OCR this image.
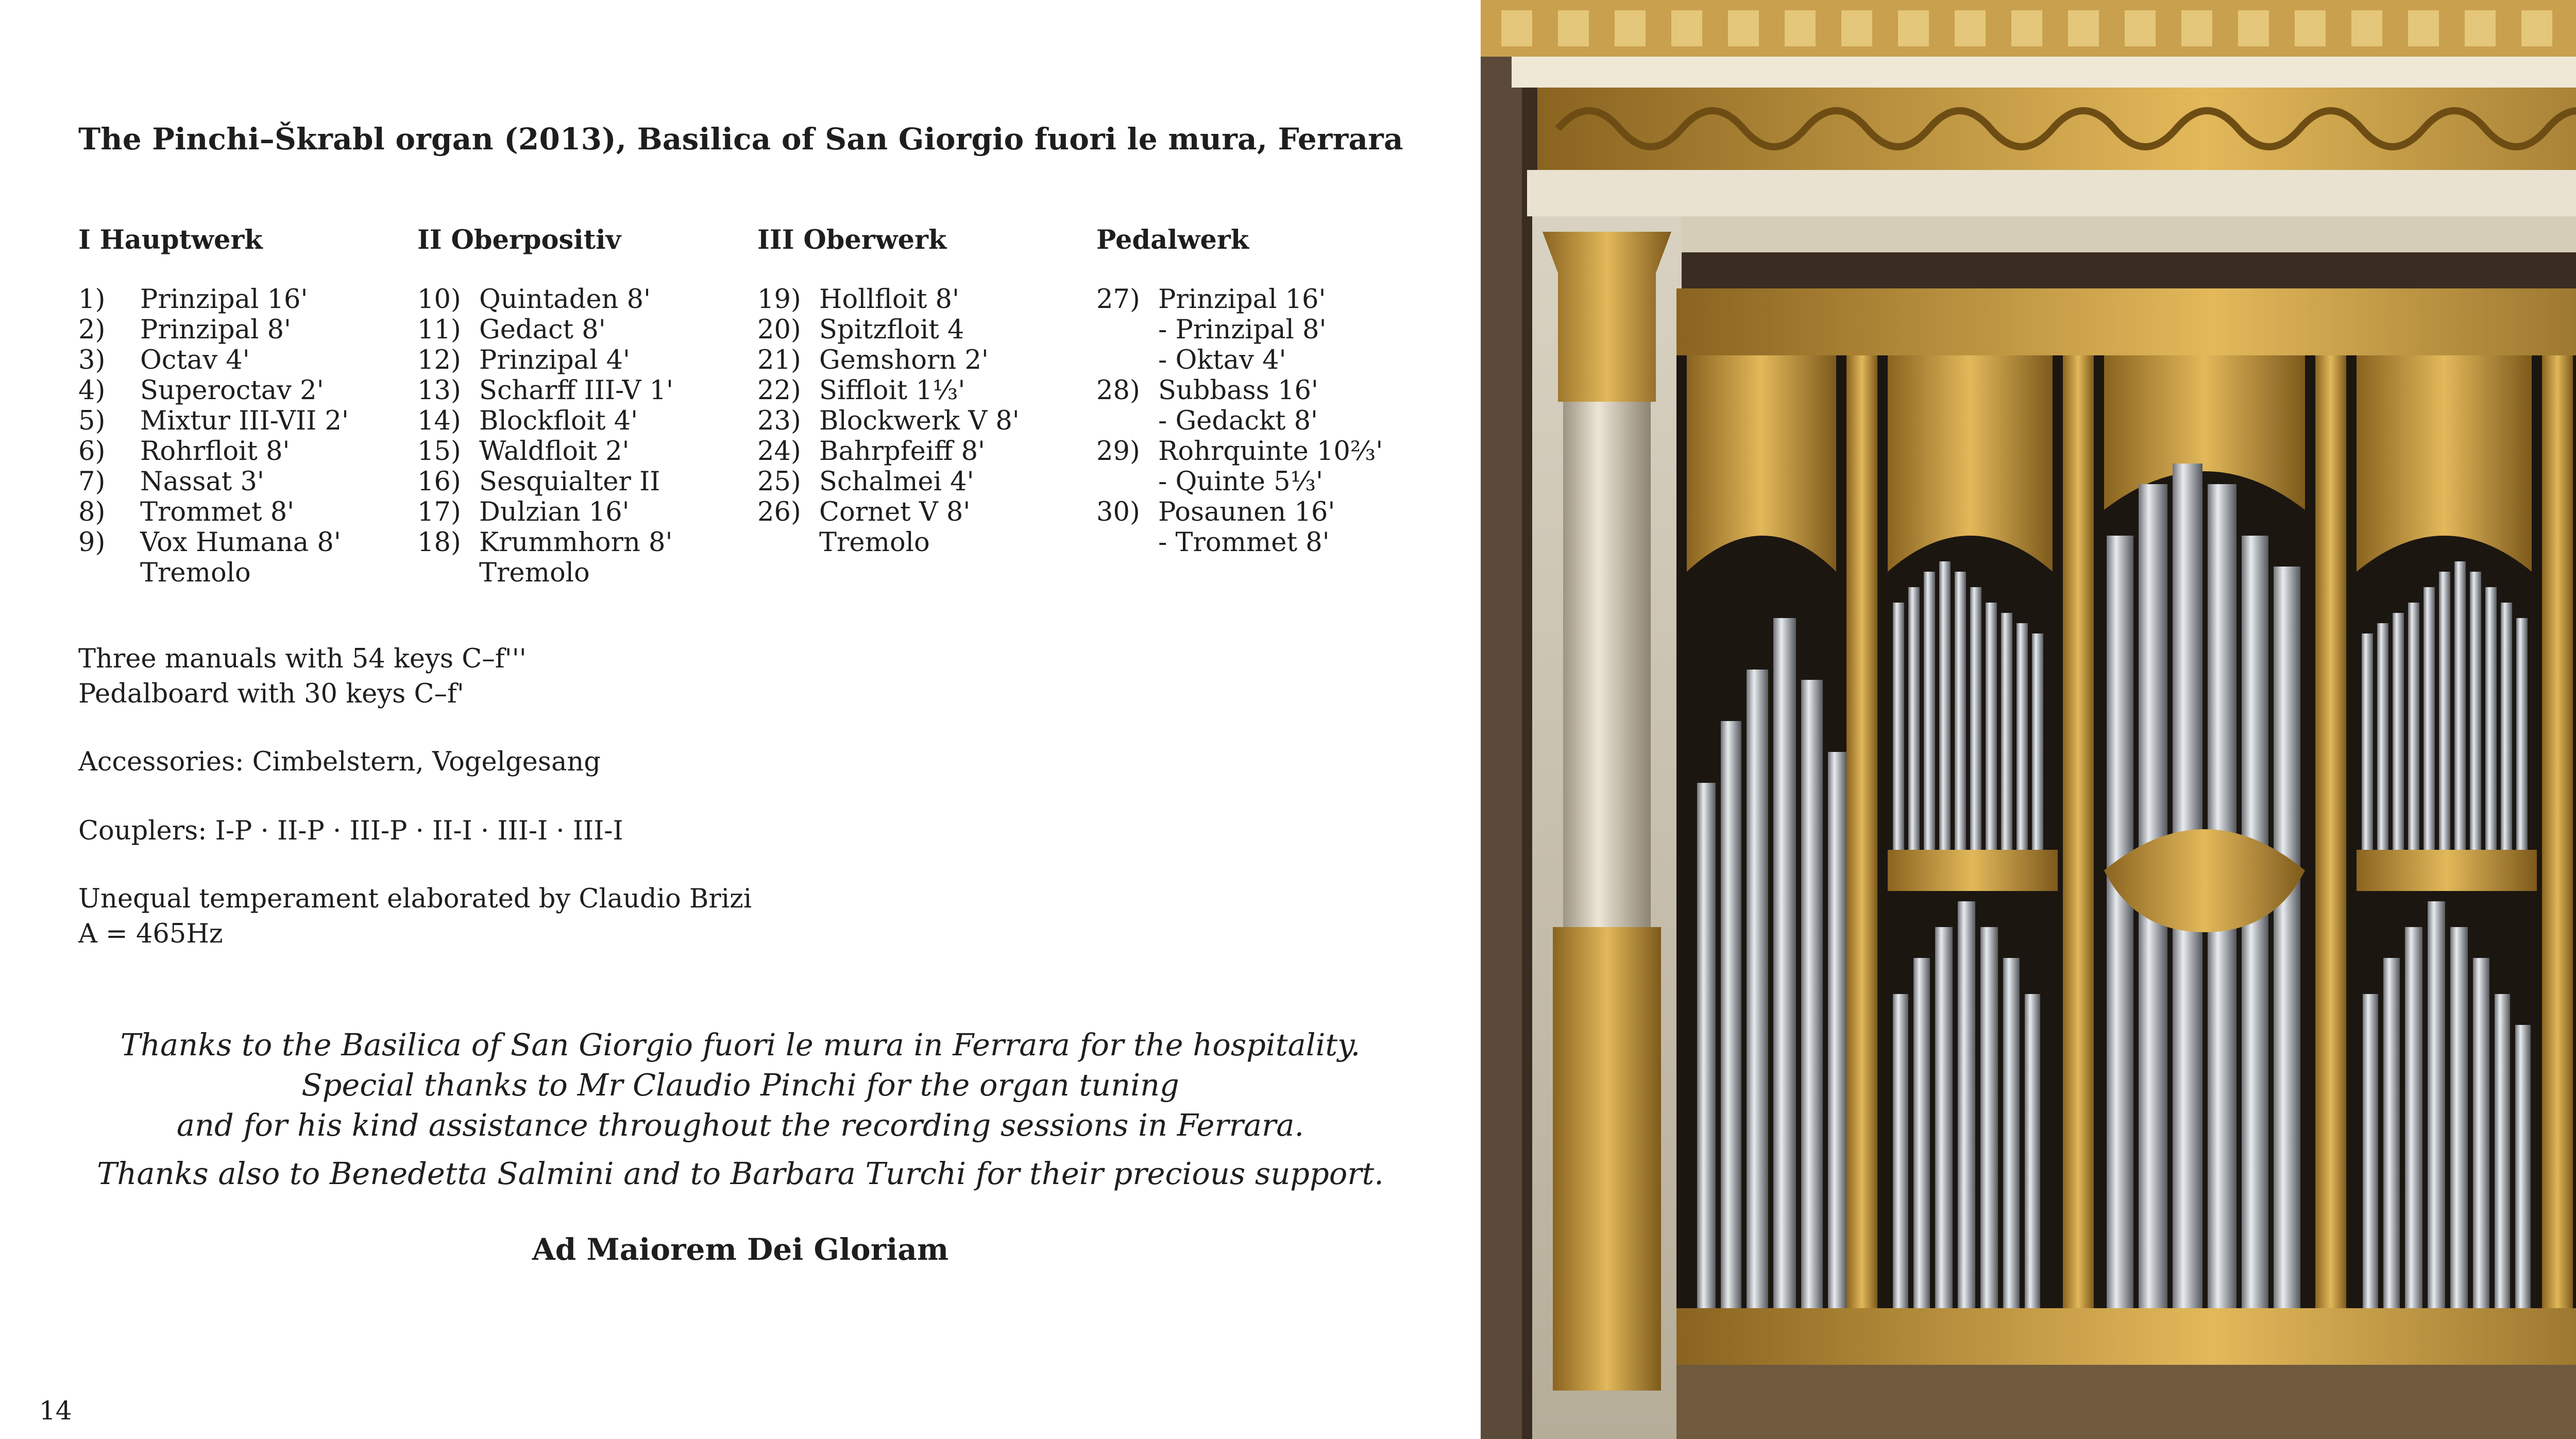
The Pinchi–Škrabl organ (2013), Basilica of San Giorgio fuori le mura, Ferrara
I Hauptwerk
1)	Prinzipal 16'
2)	Prinzipal 8'
3)	Octav 4'
4)	Superoctav 2'
5)	Mixtur III-VII 2'
6)	Rohrfloit 8'
7)	Nassat 3'
8)	Trommet 8'
9)	Vox Humana 8'
Tremolo
II Oberpositiv
10) Quintaden 8'
11) Gedact 8'
12) Prinzipal 4'
13) Scharff III-V 1'
14) Blockfloit 4'
15) Waldfloit 2'
16) Sesquialter II
17) Dulzian 16'
18) Krummhorn 8'
Tremolo
III Oberwerk
19) Hollfloit 8'
20) Spitzfloit 4
21) Gemshorn 2'
22) Siffloit 1⅓'
23) Blockwerk V 8'
24) Bahrpfeiff 8'
25) Schalmei 4'
26) Cornet V 8'
Tremolo
Pedalwerk
27) Prinzipal 16'
- Prinzipal 8'
- Oktav 4'
28) Subbass 16'
- Gedackt 8'
29) Rohrquinte 10⅔'
- Quinte 5⅓'
30) Posaunen 16'
- Trommet 8'
Three manuals with 54 keys C–f'''
Pedalboard with 30 keys C–f'
Accessories: Cimbelstern, Vogelgesang
Couplers: I-P · II-P · III-P · II-I · III-I · III-I
Unequal temperament elaborated by Claudio Brizi
A = 465Hz
Thanks to the Basilica of San Giorgio fuori le mura in Ferrara for the hospitality.
Special thanks to Mr Claudio Pinchi for the organ tuning
and for his kind assistance throughout the recording sessions in Ferrara.
Thanks also to Benedetta Salmini and to Barbara Turchi for their precious support.
Ad Maiorem Dei Gloriam
14
